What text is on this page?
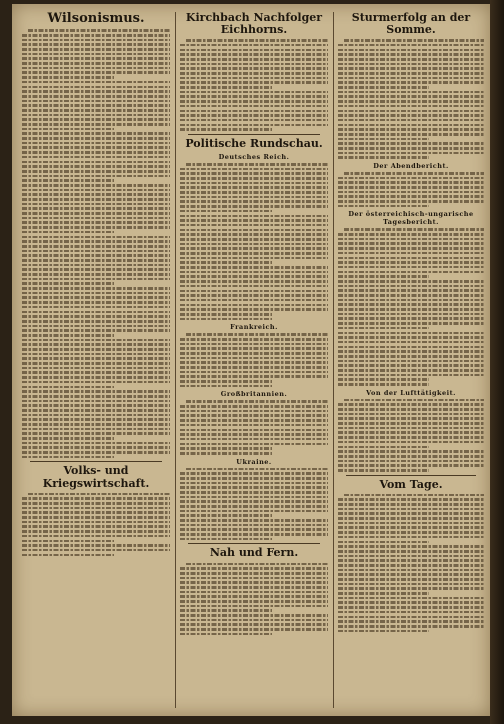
Wilsonismus.
Volks- und Kriegswirtschaft.
Kirchbach Nachfolger Eichhorns.
Politische Rundschau.
Deutsches Reich.
Frankreich.
Großbritannien.
Ukraine.
Nah und Fern.
Sturmerfolg an der Somme.
Der Abendbericht.
Der österreichisch-ungarische Tagesbericht.
Von der Lufttätigkeit.
Vom Tage.
